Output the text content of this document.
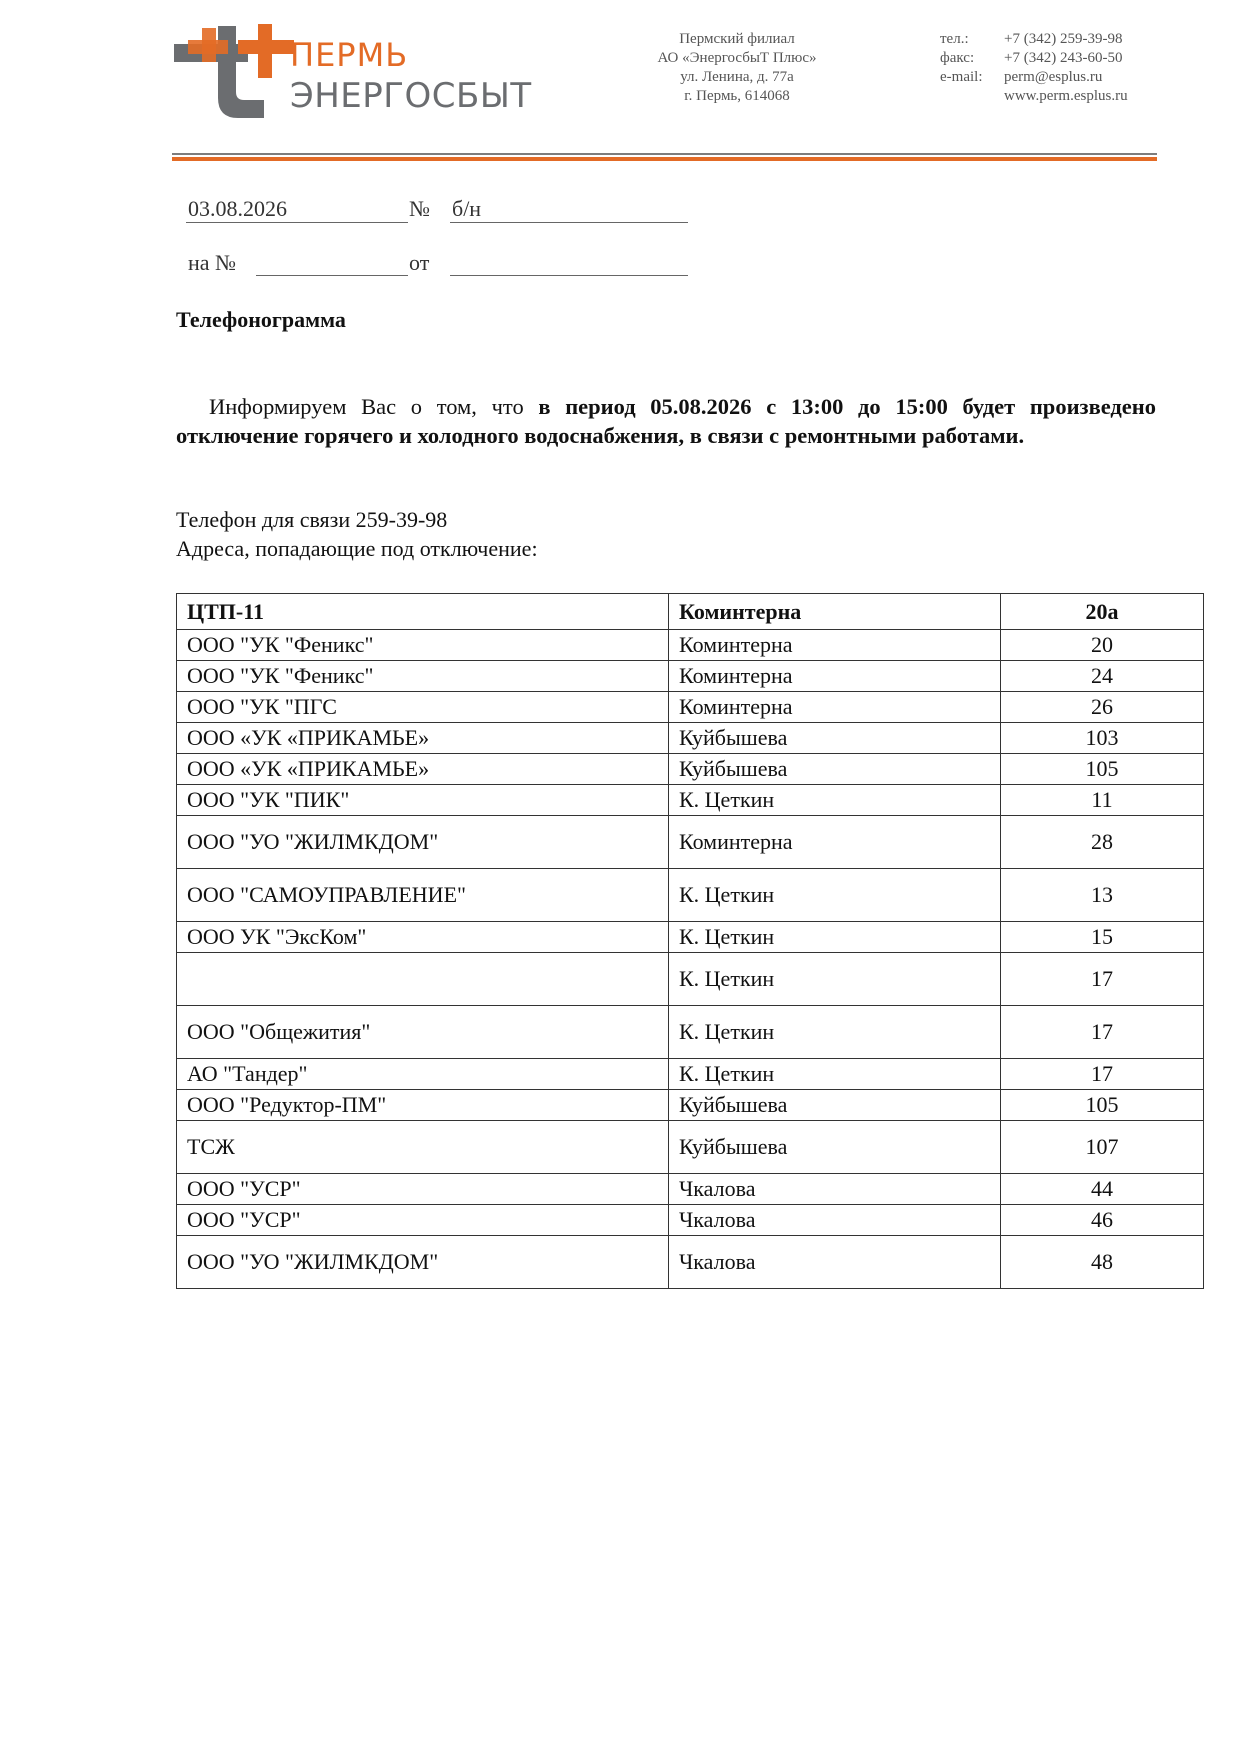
ПЕРМЬ
ЭНЕРГОСБЫТ
Пермский филиал
АО «ЭнергосбыТ Плюс»
ул. Ленина, д. 77а
г. Пермь, 614068
тел.:	+7 (342) 259-39-98
факс:	+7 (342) 243-60-50
e-mail:	perm@esplus.ru
www.perm.esplus.ru
03.08.2026	№ б/н
на №	от
Телефонограмма
Информируем Вас о том, что в период 05.08.2026 с 13:00 до 15:00 будет произведено отключение горячего и холодного водоснабжения, в связи с ремонтными работами.
Телефон для связи 259-39-98
Адреса, попадающие под отключение:
ЦТП-11	Коминтерна	20а
ООО "УК "Феникс"	Коминтерна	20
ООО "УК "Феникс"	Коминтерна	24
ООО "УК "ПГС	Коминтерна	26
ООО «УК «ПРИКАМЬЕ»	Куйбышева	103
ООО «УК «ПРИКАМЬЕ»	Куйбышева	105
ООО "УК "ПИК"	К. Цеткин	11
ООО "УО "ЖИЛМКДОМ"	Коминтерна	28
ООО "САМОУПРАВЛЕНИЕ"	К. Цеткин	13
ООО УК "ЭксКом"	К. Цеткин	15
	К. Цеткин	17
ООО "Общежития"	К. Цеткин	17
АО "Тандер"	К. Цеткин	17
ООО "Редуктор-ПМ"	Куйбышева	105
ТСЖ	Куйбышева	107
ООО "УСР"	Чкалова	44
ООО "УСР"	Чкалова	46
ООО "УО "ЖИЛМКДОМ"	Чкалова	48
